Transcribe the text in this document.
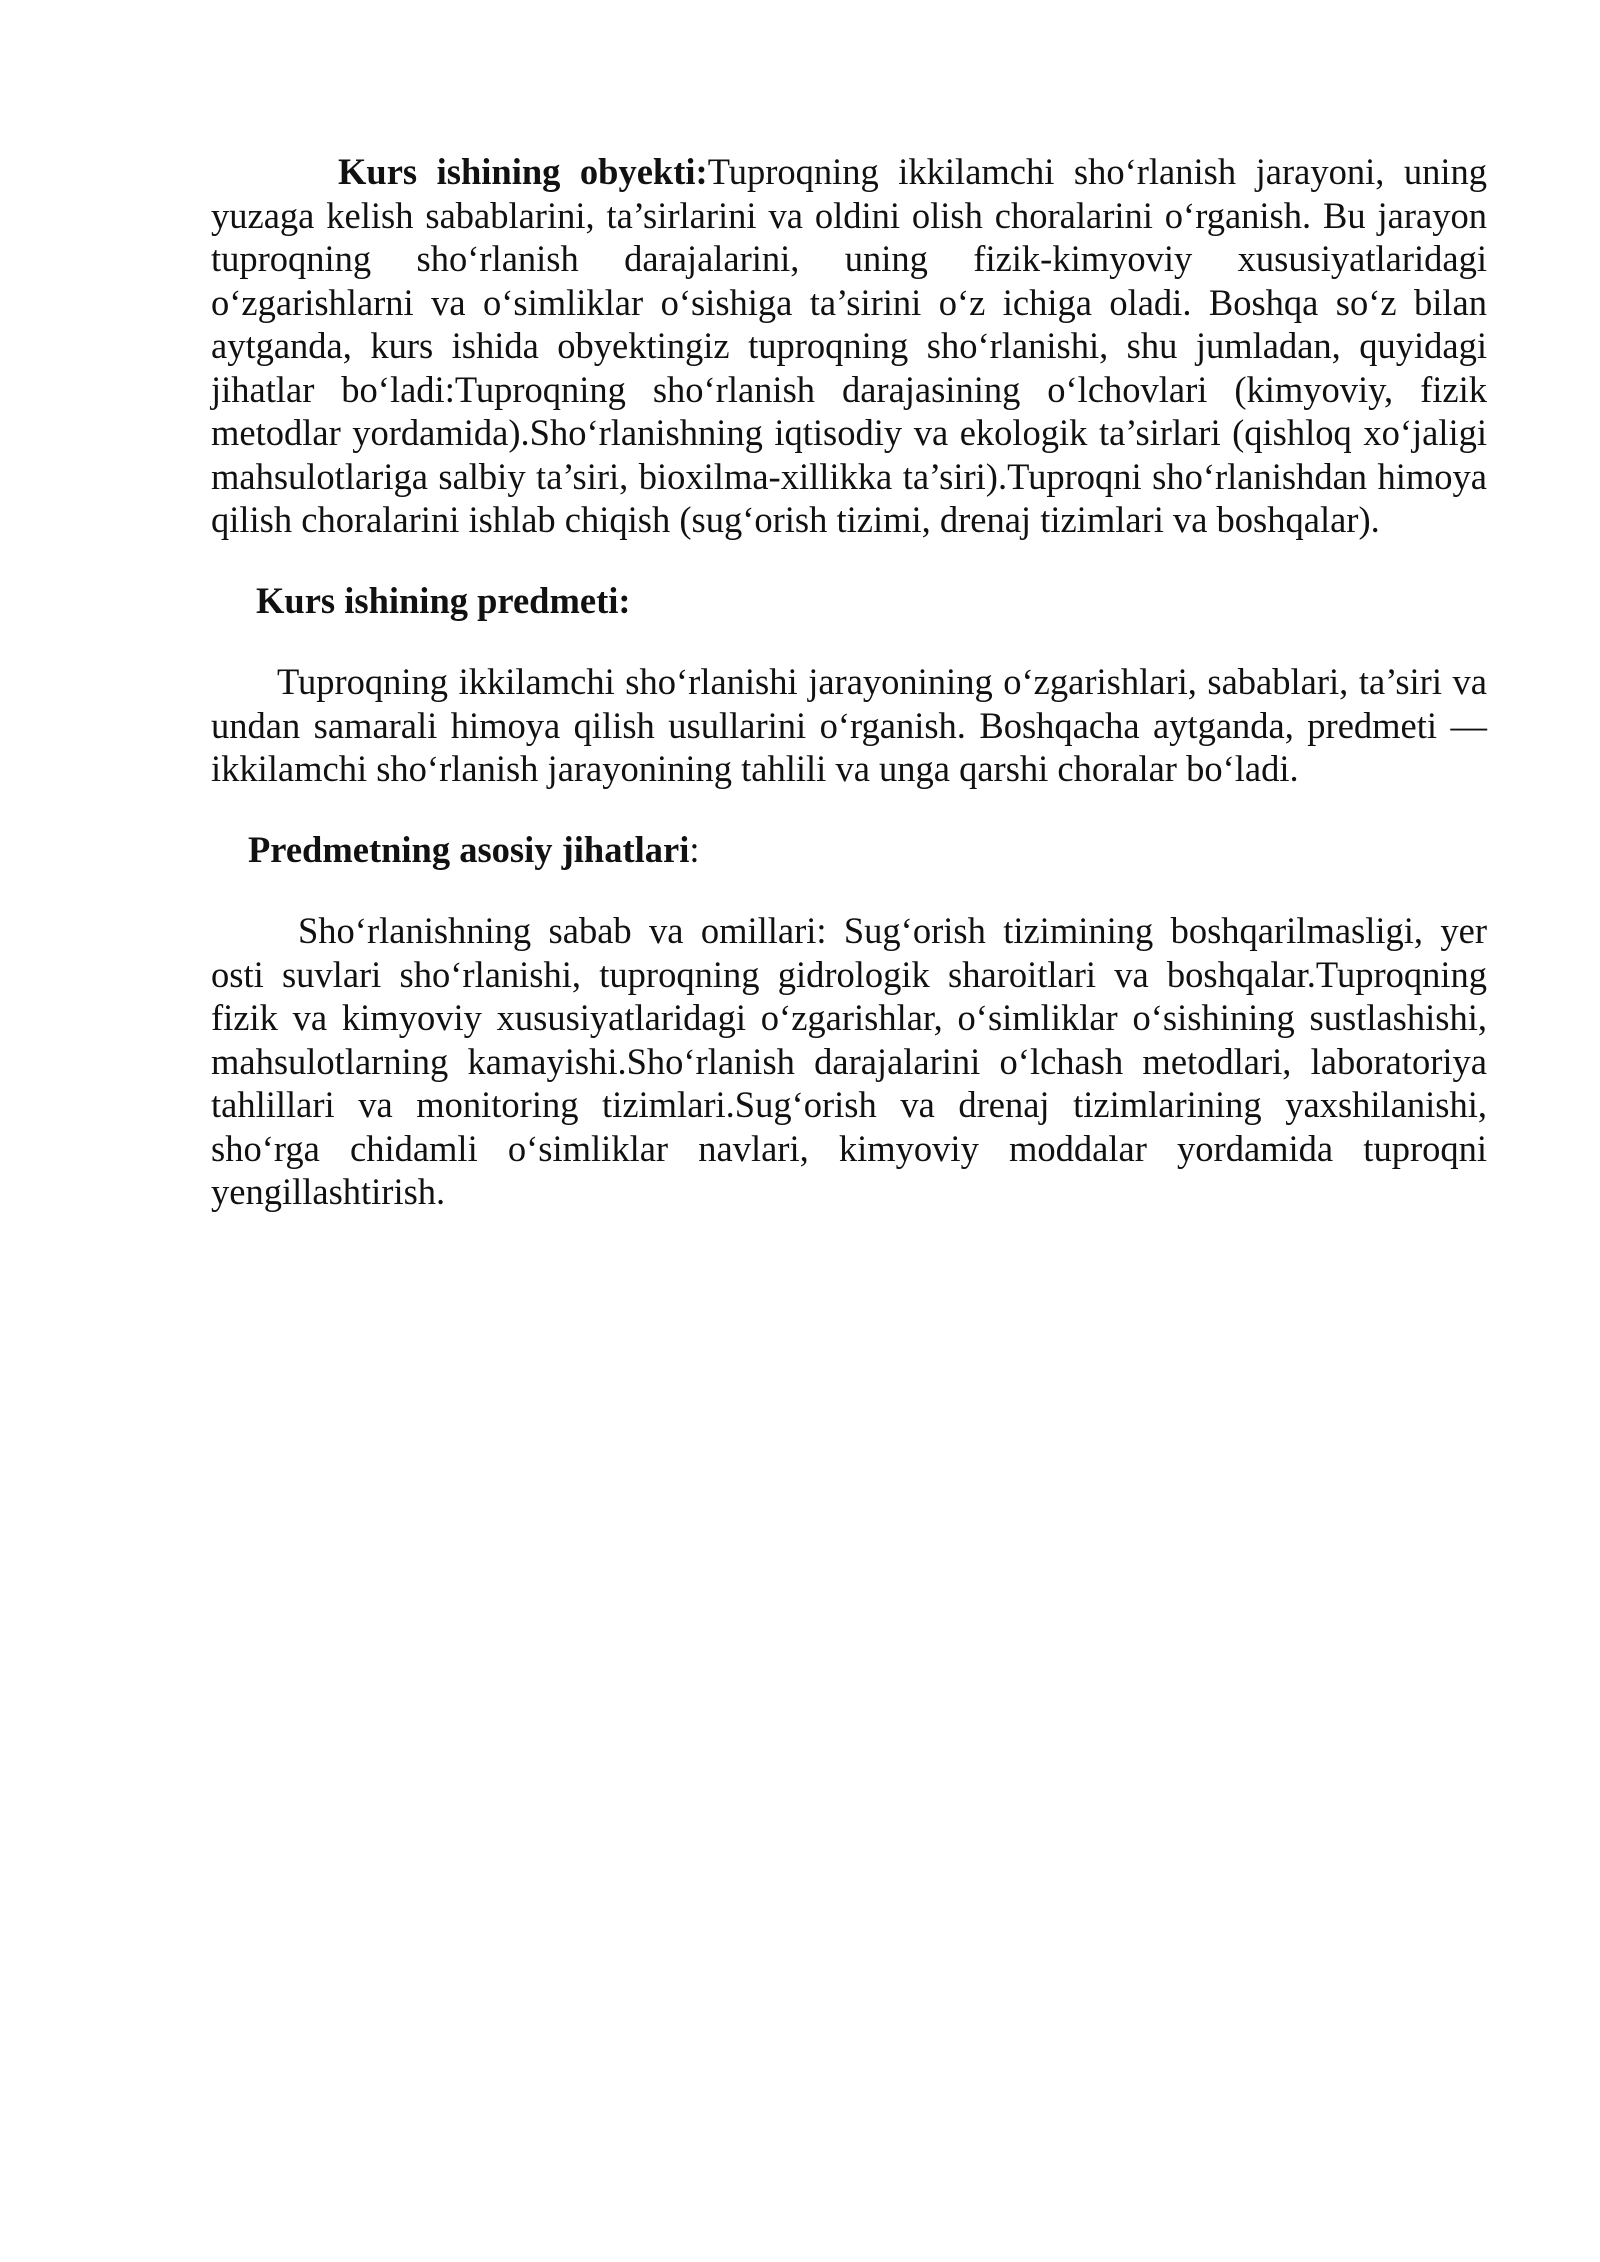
Kurs ishining obyekti:Tuproqning ikkilamchi sho‘rlanish jarayoni, uning yuzaga kelish sabablarini, ta’sirlarini va oldini olish choralarini o‘rganish. Bu jarayon tuproqning sho‘rlanish darajalarini, uning fizik-kimyoviy xususiyatlaridagi o‘zgarishlarni va o‘simliklar o‘sishiga ta’sirini o‘z ichiga oladi. Boshqa so‘z bilan aytganda, kurs ishida obyektingiz tuproqning sho‘rlanishi, shu jumladan, quyidagi jihatlar bo‘ladi:Tuproqning sho‘rlanish darajasining o‘lchovlari (kimyoviy, fizik metodlar yordamida).Sho‘rlanishning iqtisodiy va ekologik ta’sirlari (qishloq xo‘jaligi mahsulotlariga salbiy ta’siri, bioxilma-xillikka ta’siri).Tuproqni sho‘rlanishdan himoya qilish choralarini ishlab chiqish (sug‘orish tizimi, drenaj tizimlari va boshqalar).

Kurs ishining predmeti:

Tuproqning ikkilamchi sho‘rlanishi jarayonining o‘zgarishlari, sabablari, ta’siri va undan samarali himoya qilish usullarini o‘rganish. Boshqacha aytganda, predmeti — ikkilamchi sho‘rlanish jarayonining tahlili va unga qarshi choralar bo‘ladi.

Predmetning asosiy jihatlari:

Sho‘rlanishning sabab va omillari: Sug‘orish tizimining boshqarilmasligi, yer osti suvlari sho‘rlanishi, tuproqning gidrologik sharoitlari va boshqalar.Tuproqning fizik va kimyoviy xususiyatlaridagi o‘zgarishlar, o‘simliklar o‘sishining sustlashishi, mahsulotlarning kamayishi.Sho‘rlanish darajalarini o‘lchash metodlari, laboratoriya tahlillari va monitoring tizimlari.Sug‘orish va drenaj tizimlarining yaxshilanishi, sho‘rga chidamli o‘simliklar navlari, kimyoviy moddalar yordamida tuproqni yengillashtirish.
